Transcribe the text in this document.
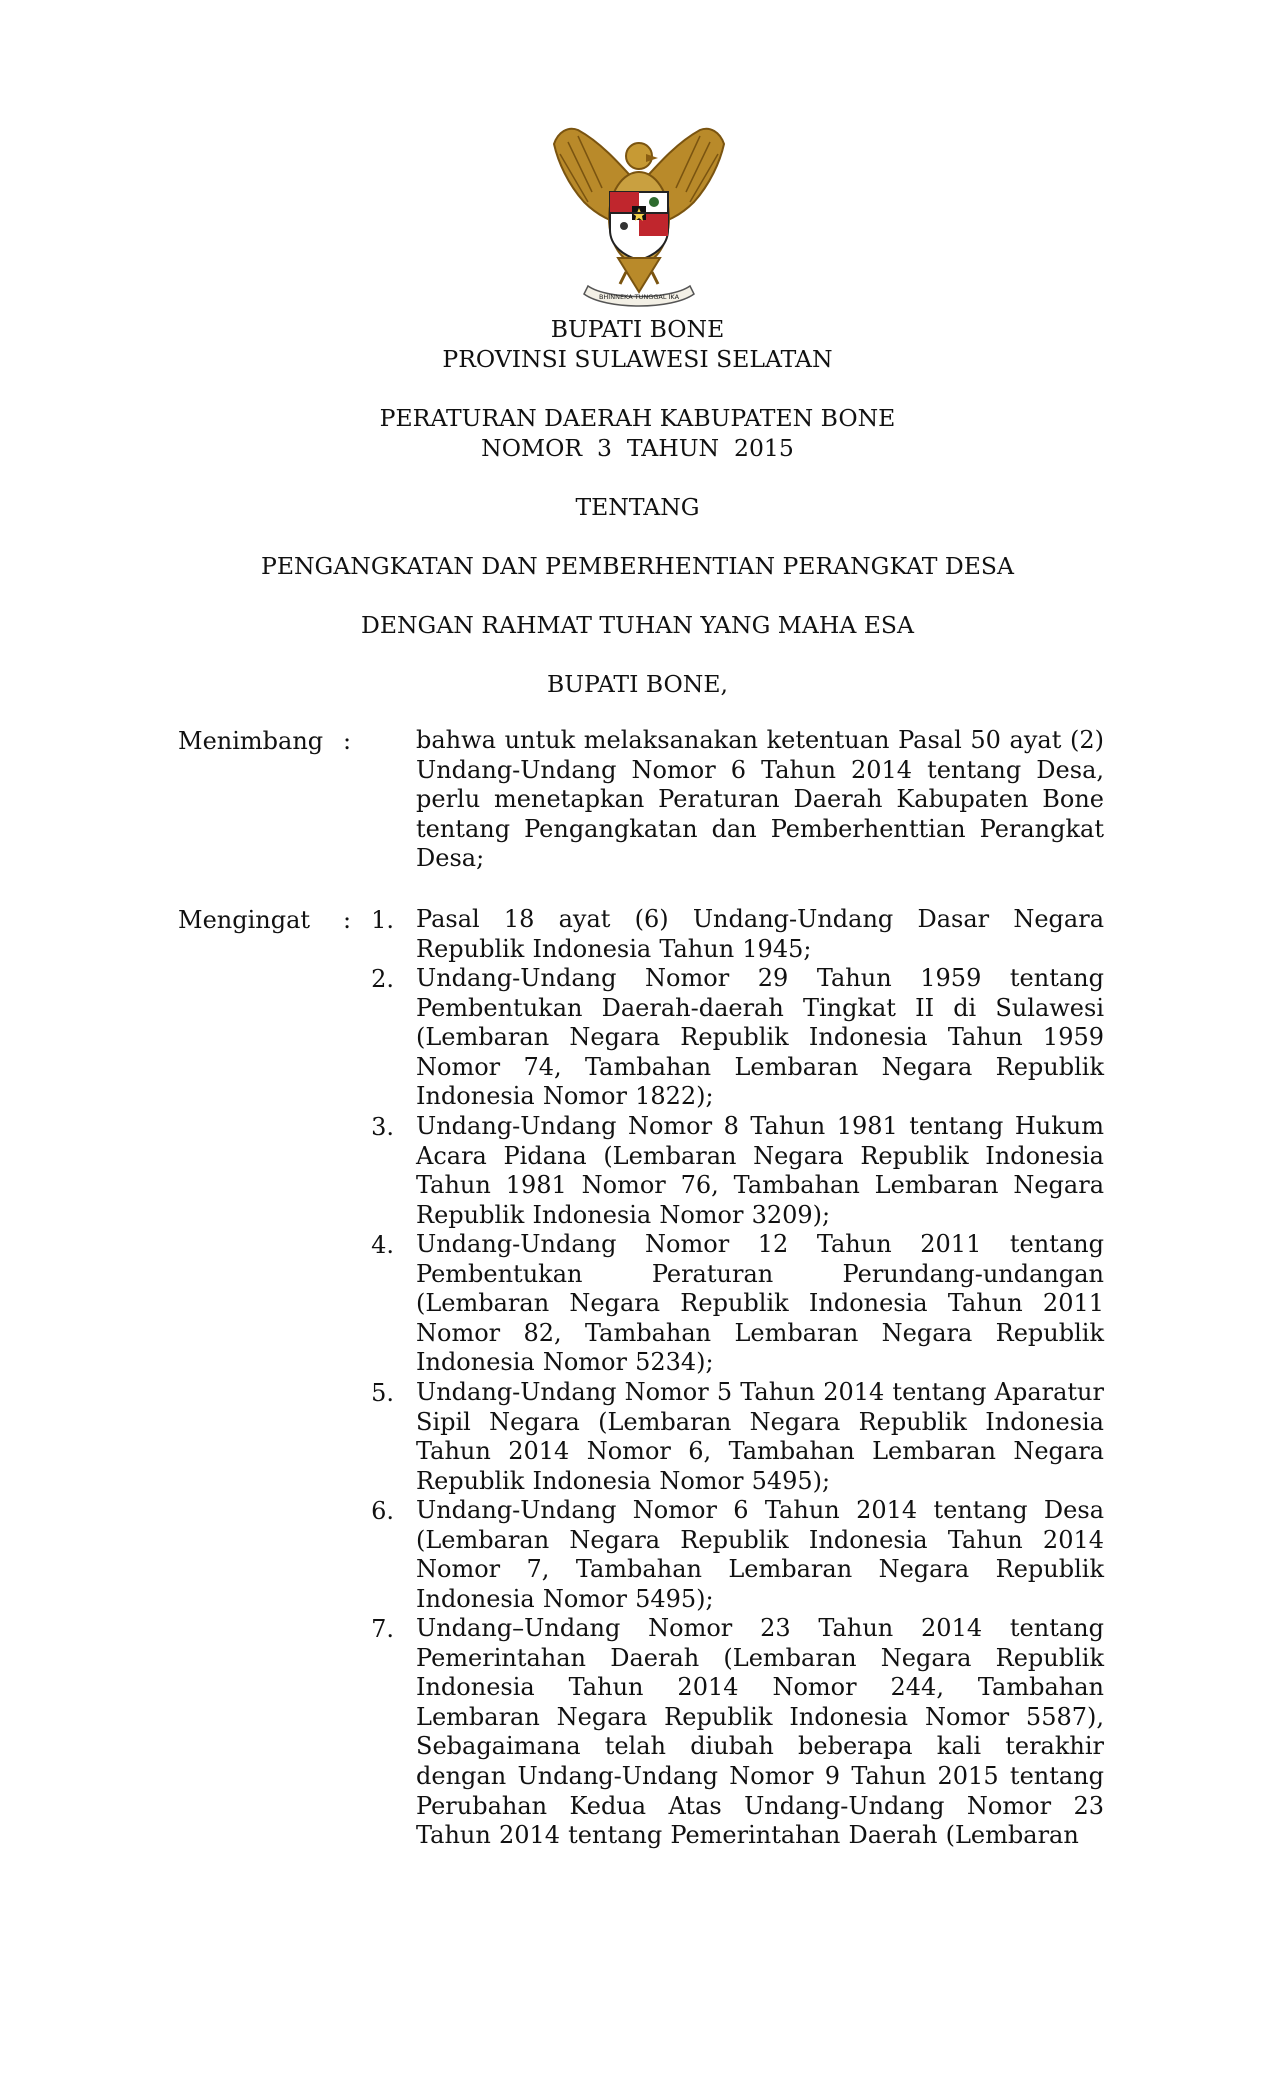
BHINNEKA TUNGGAL IKA
BUPATI BONE
PROVINSI SULAWESI SELATAN
PERATURAN DAERAH KABUPATEN BONE
NOMOR  3  TAHUN  2015
TENTANG
PENGANGKATAN DAN PEMBERHENTIAN PERANGKAT DESA
DENGAN RAHMAT TUHAN YANG MAHA ESA
BUPATI BONE,
Menimbang :	bahwa untuk melaksanakan ketentuan Pasal 50 ayat (2) Undang-Undang Nomor 6 Tahun 2014 tentang Desa, perlu menetapkan Peraturan Daerah Kabupaten Bone tentang Pengangkatan dan Pemberhenttian Perangkat Desa;
Mengingat : 1. Pasal 18 ayat (6) Undang-Undang Dasar Negara Republik Indonesia Tahun 1945;
2. Undang-Undang Nomor 29 Tahun 1959 tentang Pembentukan Daerah-daerah Tingkat II di Sulawesi (Lembaran Negara Republik Indonesia Tahun 1959 Nomor 74, Tambahan Lembaran Negara Republik Indonesia Nomor 1822);
3. Undang-Undang Nomor 8 Tahun 1981 tentang Hukum Acara Pidana (Lembaran Negara Republik Indonesia Tahun 1981 Nomor 76, Tambahan Lembaran Negara Republik Indonesia Nomor 3209);
4. Undang-Undang Nomor 12 Tahun 2011 tentang Pembentukan Peraturan Perundang-undangan (Lembaran Negara Republik Indonesia Tahun 2011 Nomor 82, Tambahan Lembaran Negara Republik Indonesia Nomor 5234);
5. Undang-Undang Nomor 5 Tahun 2014 tentang Aparatur Sipil Negara (Lembaran Negara Republik Indonesia Tahun 2014 Nomor 6, Tambahan Lembaran Negara Republik Indonesia Nomor 5495);
6. Undang-Undang Nomor 6 Tahun 2014 tentang Desa (Lembaran Negara Republik Indonesia Tahun 2014 Nomor 7, Tambahan Lembaran Negara Republik Indonesia Nomor 5495);
7. Undang–Undang Nomor 23 Tahun 2014 tentang Pemerintahan Daerah (Lembaran Negara Republik Indonesia Tahun 2014 Nomor 244, Tambahan Lembaran Negara Republik Indonesia Nomor 5587), Sebagaimana telah diubah beberapa kali terakhir dengan Undang-Undang Nomor 9 Tahun 2015 tentang Perubahan Kedua Atas Undang-Undang Nomor 23 Tahun 2014 tentang Pemerintahan Daerah (Lembaran
